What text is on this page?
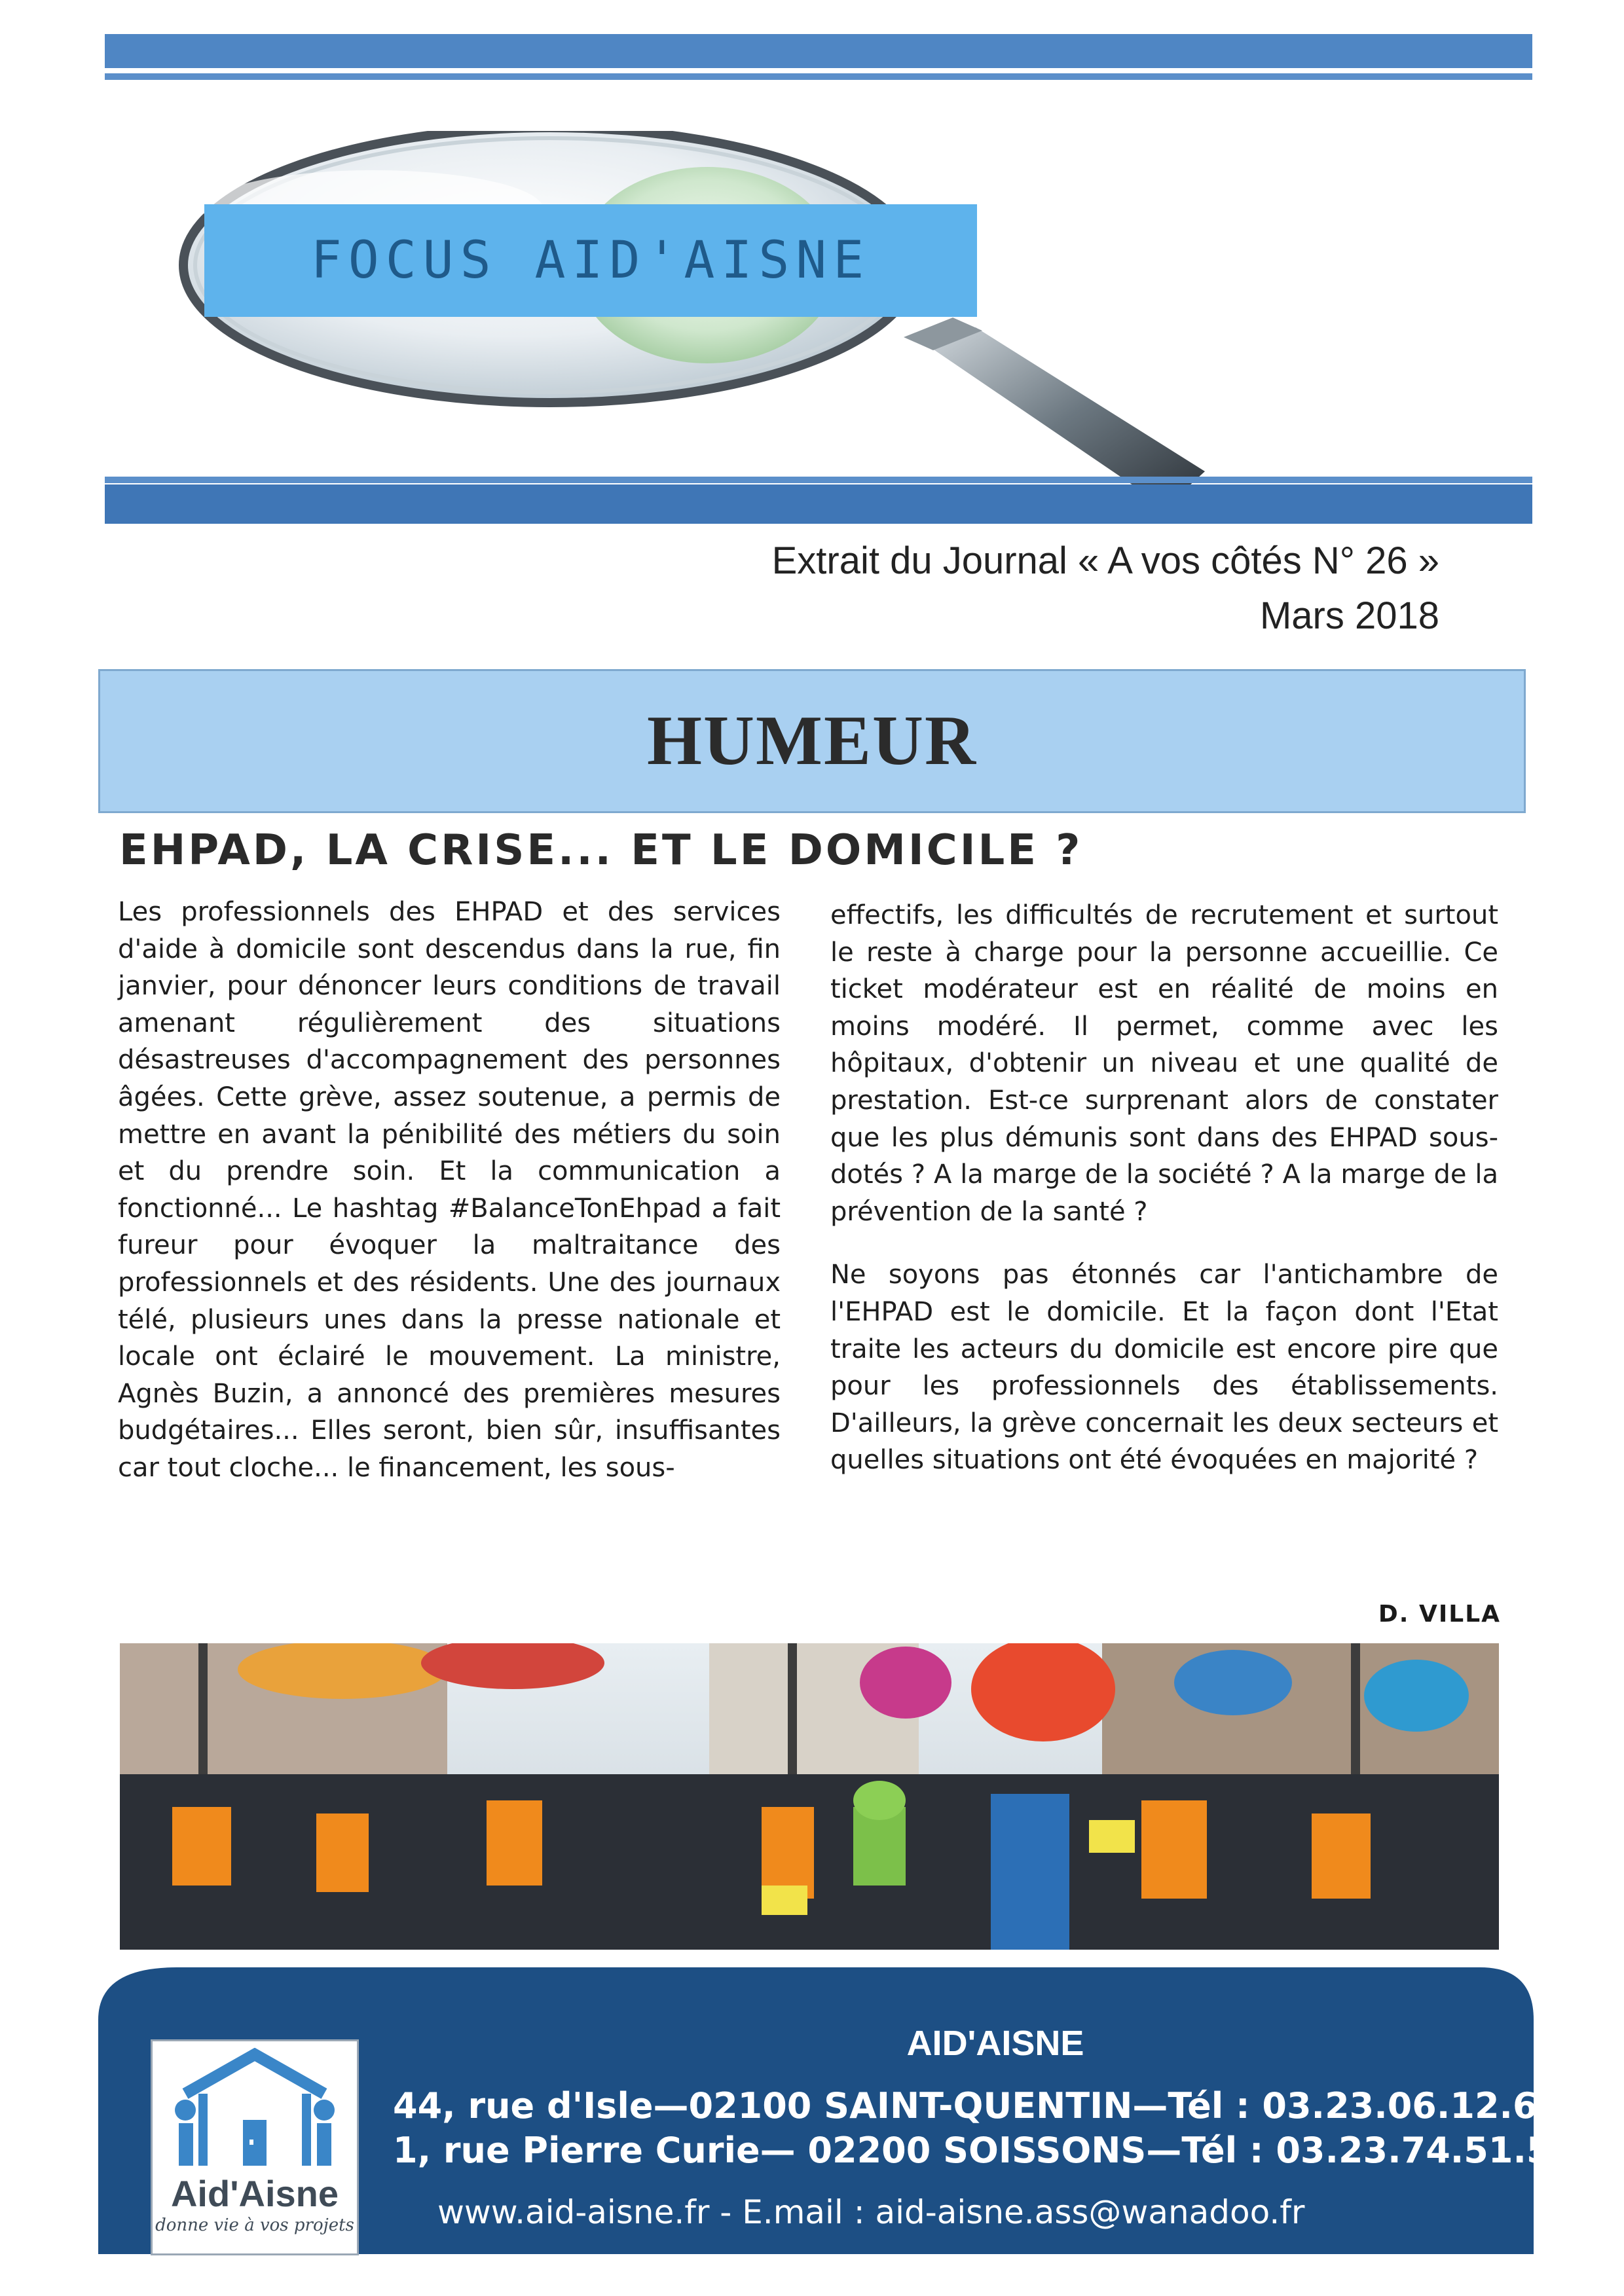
FOCUS AID'AISNE
Extrait du Journal « A vos côtés N° 26 »
Mars 2018
HUMEUR
EHPAD, LA CRISE... ET LE DOMICILE ?

Les professionnels des EHPAD et des services d'aide à domicile sont descendus dans la rue, fin janvier, pour dénoncer leurs conditions de travail amenant régulièrement des situations désastreuses d'accompagnement des personnes âgées. Cette grève, assez soutenue, a permis de mettre en avant la pénibilité des métiers du soin et du prendre soin. Et la communication a fonctionné... Le hashtag #BalanceTonEhpad a fait fureur pour évoquer la maltraitance des professionnels et des résidents. Une des journaux télé, plusieurs unes dans la presse nationale et locale ont éclairé le mouvement. La ministre, Agnès Buzin, a annoncé des premières mesures budgétaires... Elles seront, bien sûr, insuffisantes car tout cloche... le financement, les sous-

effectifs, les difficultés de recrutement et surtout le reste à charge pour la personne accueillie. Ce ticket modérateur est en réalité de moins en moins modéré. Il permet, comme avec les hôpitaux, d'obtenir un niveau et une qualité de prestation. Est-ce surprenant alors de constater que les plus démunis sont dans des EHPAD sous-dotés ? A la marge de la société ? A la marge de la prévention de la santé ?

Ne soyons pas étonnés car l'antichambre de l'EHPAD est le domicile. Et la façon dont l'Etat traite les acteurs du domicile est encore pire que pour les professionnels des établissements. D'ailleurs, la grève concernait les deux secteurs et quelles situations ont été évoquées en majorité ?

D. VILLA
AID'AISNE
44, rue d'Isle—02100 SAINT-QUENTIN—Tél : 03.23.06.12.64
1, rue Pierre Curie— 02200 SOISSONS—Tél : 03.23.74.51.50
www.aid-aisne.fr - E.mail : aid-aisne.ass@wanadoo.fr
Aid'Aisne
donne vie à vos projets
